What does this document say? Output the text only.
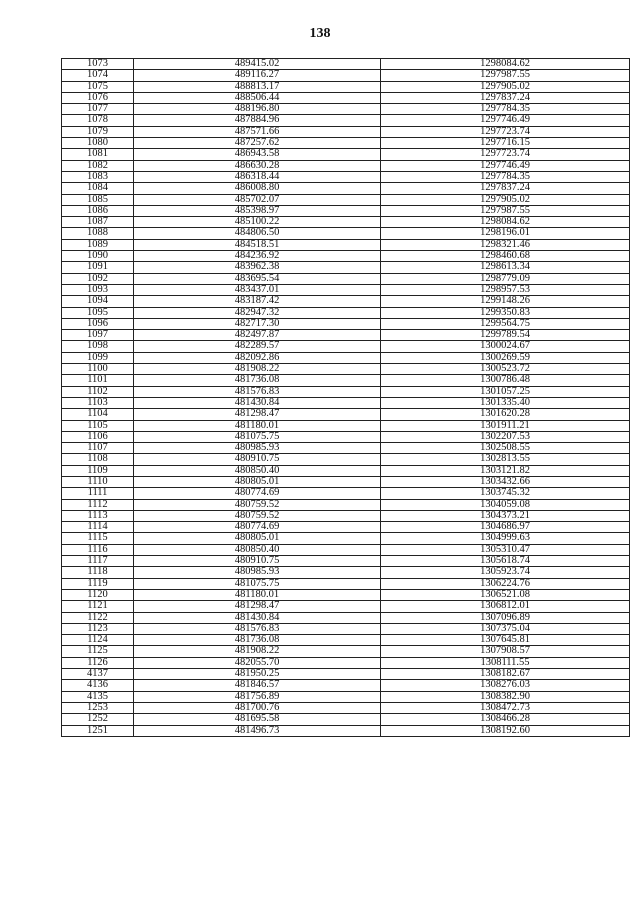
138
1073	489415.02	1298084.62
1074	489116.27	1297987.55
1075	488813.17	1297905.02
1076	488506.44	1297837.24
1077	488196.80	1297784.35
1078	487884.96	1297746.49
1079	487571.66	1297723.74
1080	487257.62	1297716.15
1081	486943.58	1297723.74
1082	486630.28	1297746.49
1083	486318.44	1297784.35
1084	486008.80	1297837.24
1085	485702.07	1297905.02
1086	485398.97	1297987.55
1087	485100.22	1298084.62
1088	484806.50	1298196.01
1089	484518.51	1298321.46
1090	484236.92	1298460.68
1091	483962.38	1298613.34
1092	483695.54	1298779.09
1093	483437.01	1298957.53
1094	483187.42	1299148.26
1095	482947.32	1299350.83
1096	482717.30	1299564.75
1097	482497.87	1299789.54
1098	482289.57	1300024.67
1099	482092.86	1300269.59
1100	481908.22	1300523.72
1101	481736.08	1300786.48
1102	481576.83	1301057.25
1103	481430.84	1301335.40
1104	481298.47	1301620.28
1105	481180.01	1301911.21
1106	481075.75	1302207.53
1107	480985.93	1302508.55
1108	480910.75	1302813.55
1109	480850.40	1303121.82
1110	480805.01	1303432.66
1111	480774.69	1303745.32
1112	480759.52	1304059.08
1113	480759.52	1304373.21
1114	480774.69	1304686.97
1115	480805.01	1304999.63
1116	480850.40	1305310.47
1117	480910.75	1305618.74
1118	480985.93	1305923.74
1119	481075.75	1306224.76
1120	481180.01	1306521.08
1121	481298.47	1306812.01
1122	481430.84	1307096.89
1123	481576.83	1307375.04
1124	481736.08	1307645.81
1125	481908.22	1307908.57
1126	482055.70	1308111.55
4137	481950.25	1308182.67
4136	481846.57	1308276.03
4135	481756.89	1308382.90
1253	481700.76	1308472.73
1252	481695.58	1308466.28
1251	481496.73	1308192.60
